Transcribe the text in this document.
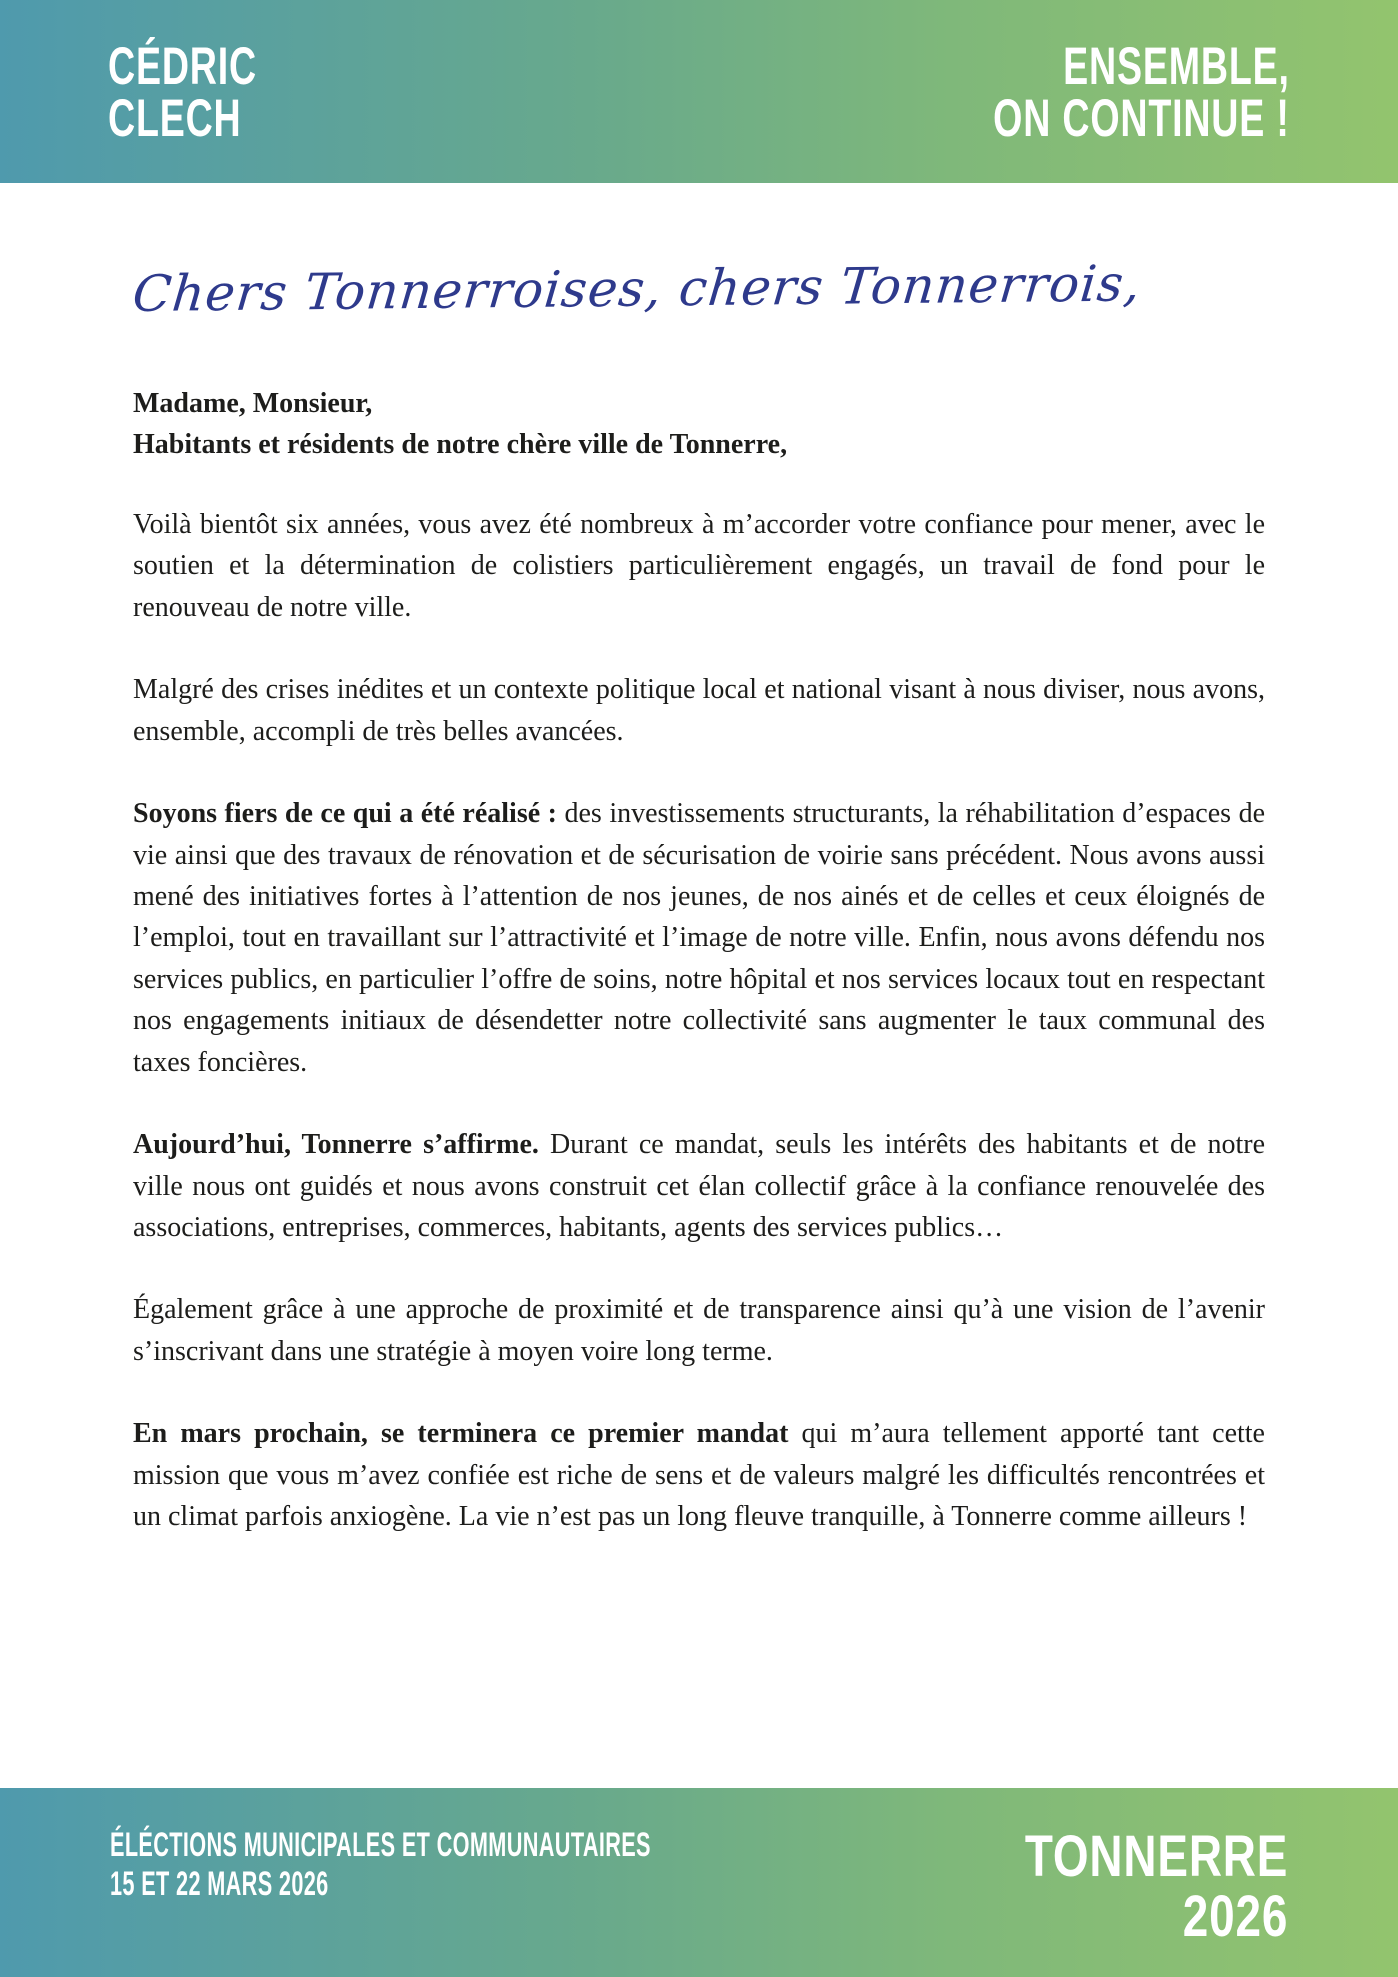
CÉDRIC
CLECH
ENSEMBLE,
ON CONTINUE !
Chers Tonnerroises, chers Tonnerrois,

Madame, Monsieur,
Habitants et résidents de notre chère ville de Tonnerre,

Voilà bientôt six années, vous avez été nombreux à m’accorder votre confiance pour mener, avec le soutien et la détermination de colistiers particulièrement engagés, un travail de fond pour le renouveau de notre ville.

Malgré des crises inédites et un contexte politique local et national visant à nous diviser, nous avons, ensemble, accompli de très belles avancées.

Soyons fiers de ce qui a été réalisé : des investissements structurants, la réhabilitation d’espaces de vie ainsi que des travaux de rénovation et de sécurisation de voirie sans précédent. Nous avons aussi mené des initiatives fortes à l’attention de nos jeunes, de nos ainés et de celles et ceux éloignés de l’emploi, tout en travaillant sur l’attractivité et l’image de notre ville. Enfin, nous avons défendu nos services publics, en particulier l’offre de soins, notre hôpital et nos services locaux tout en respectant nos engagements initiaux de désendetter notre collectivité sans augmenter le taux communal des taxes foncières.

Aujourd’hui, Tonnerre s’affirme. Durant ce mandat, seuls les intérêts des habitants et de notre ville nous ont guidés et nous avons construit cet élan collectif grâce à la confiance renouvelée des associations, entreprises, commerces, habitants, agents des services publics…

Également grâce à une approche de proximité et de transparence ainsi qu’à une vision de l’avenir s’inscrivant dans une stratégie à moyen voire long terme.

En mars prochain, se terminera ce premier mandat qui m’aura tellement apporté tant cette mission que vous m’avez confiée est riche de sens et de valeurs malgré les difficultés rencontrées et un climat parfois anxiogène. La vie n’est pas un long fleuve tranquille, à Tonnerre comme ailleurs !

ÉLÉCTIONS MUNICIPALES ET COMMUNAUTAIRES
15 ET 22 MARS 2026	TONNERRE
2026
